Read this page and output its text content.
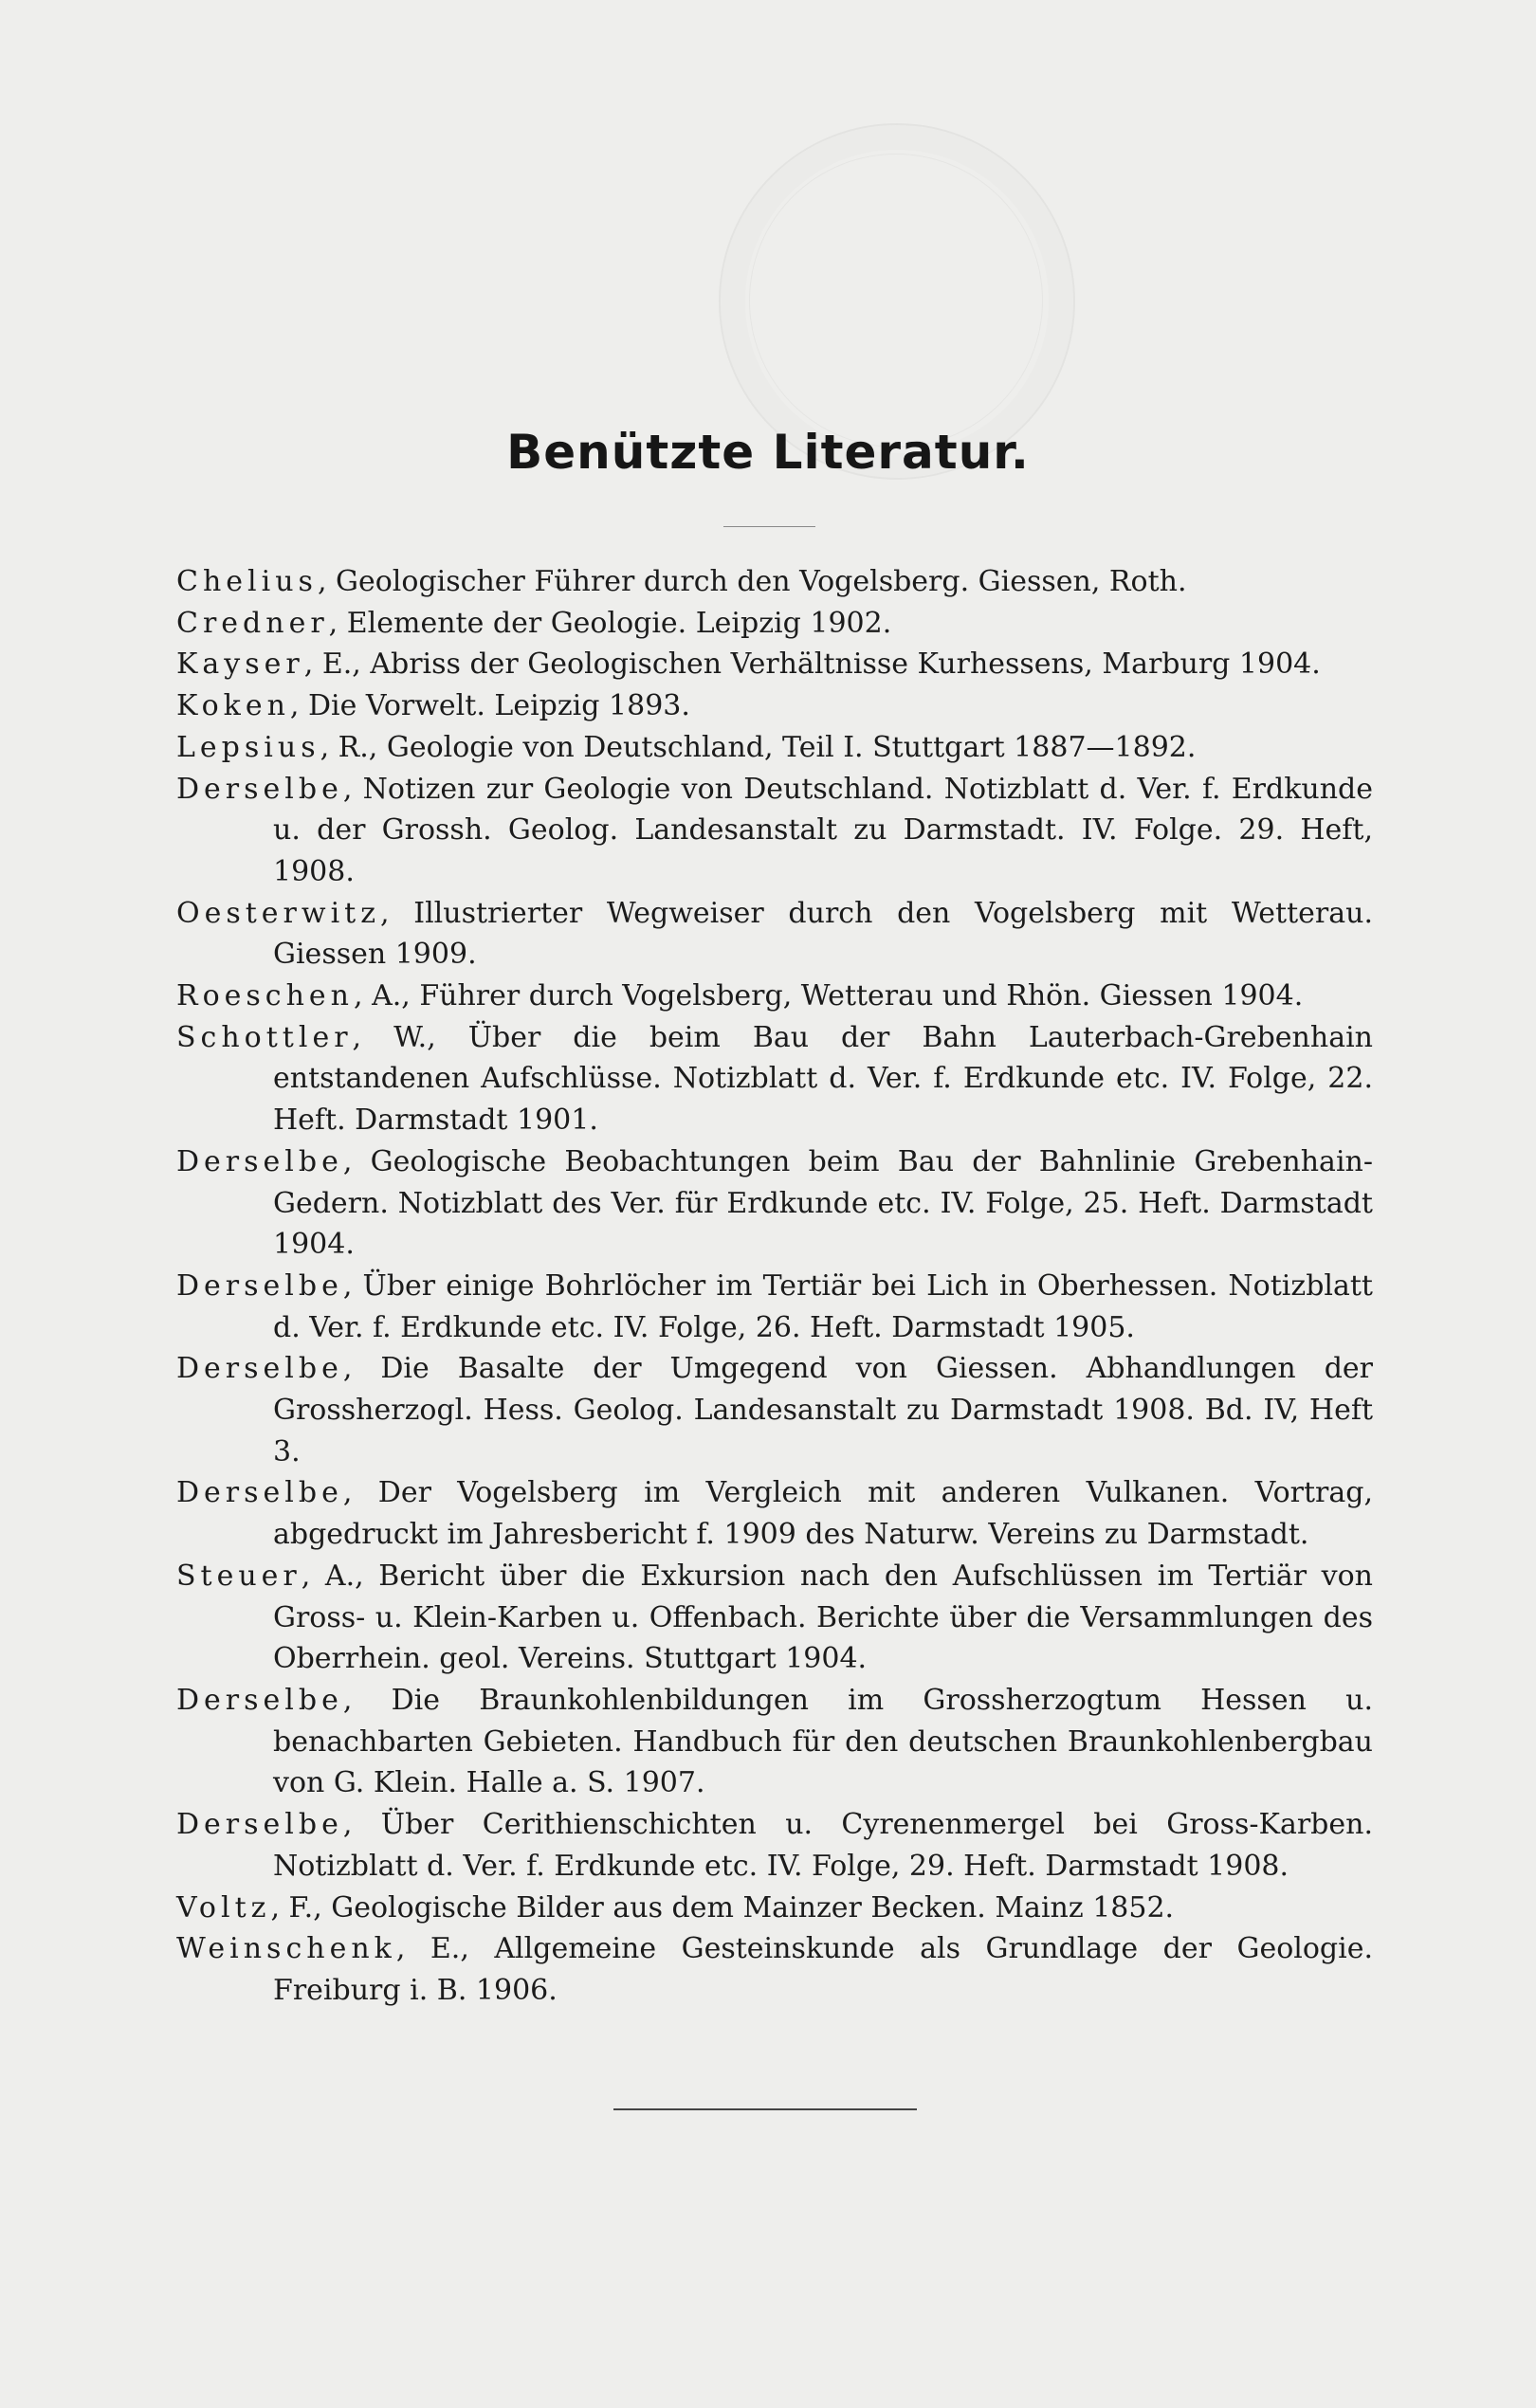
Benützte Literatur.
Chelius, Geologischer Führer durch den Vogelsberg. Giessen, Roth.
Credner, Elemente der Geologie. Leipzig 1902.
Kayser, E., Abriss der Geologischen Verhältnisse Kurhessens, Marburg 1904.
Koken, Die Vorwelt. Leipzig 1893.
Lepsius, R., Geologie von Deutschland, Teil I. Stuttgart 1887—1892.
Derselbe, Notizen zur Geologie von Deutschland. Notizblatt d. Ver. f. Erdkunde u. der Grossh. Geolog. Landesanstalt zu Darmstadt. IV. Folge. 29. Heft, 1908.
Oesterwitz, Illustrierter Wegweiser durch den Vogelsberg mit Wetterau. Giessen 1909.
Roeschen, A., Führer durch Vogelsberg, Wetterau und Rhön. Giessen 1904.
Schottler, W., Über die beim Bau der Bahn Lauterbach-Grebenhain entstandenen Aufschlüsse. Notizblatt d. Ver. f. Erdkunde etc. IV. Folge, 22. Heft. Darmstadt 1901.
Derselbe, Geologische Beobachtungen beim Bau der Bahnlinie Grebenhain-Gedern. Notizblatt des Ver. für Erdkunde etc. IV. Folge, 25. Heft. Darmstadt 1904.
Derselbe, Über einige Bohrlöcher im Tertiär bei Lich in Oberhessen. Notizblatt d. Ver. f. Erdkunde etc. IV. Folge, 26. Heft. Darmstadt 1905.
Derselbe, Die Basalte der Umgegend von Giessen. Abhandlungen der Grossherzogl. Hess. Geolog. Landesanstalt zu Darmstadt 1908. Bd. IV, Heft 3.
Derselbe, Der Vogelsberg im Vergleich mit anderen Vulkanen. Vortrag, abgedruckt im Jahresbericht f. 1909 des Naturw. Vereins zu Darmstadt.
Steuer, A., Bericht über die Exkursion nach den Aufschlüssen im Tertiär von Gross- u. Klein-Karben u. Offenbach. Berichte über die Versammlungen des Oberrhein. geol. Vereins. Stuttgart 1904.
Derselbe, Die Braunkohlenbildungen im Grossherzogtum Hessen u. benachbarten Gebieten. Handbuch für den deutschen Braunkohlenbergbau von G. Klein. Halle a. S. 1907.
Derselbe, Über Cerithienschichten u. Cyrenenmergel bei Gross-Karben. Notizblatt d. Ver. f. Erdkunde etc. IV. Folge, 29. Heft. Darmstadt 1908.
Voltz, F., Geologische Bilder aus dem Mainzer Becken. Mainz 1852.
Weinschenk, E., Allgemeine Gesteinskunde als Grundlage der Geologie. Freiburg i. B. 1906.
